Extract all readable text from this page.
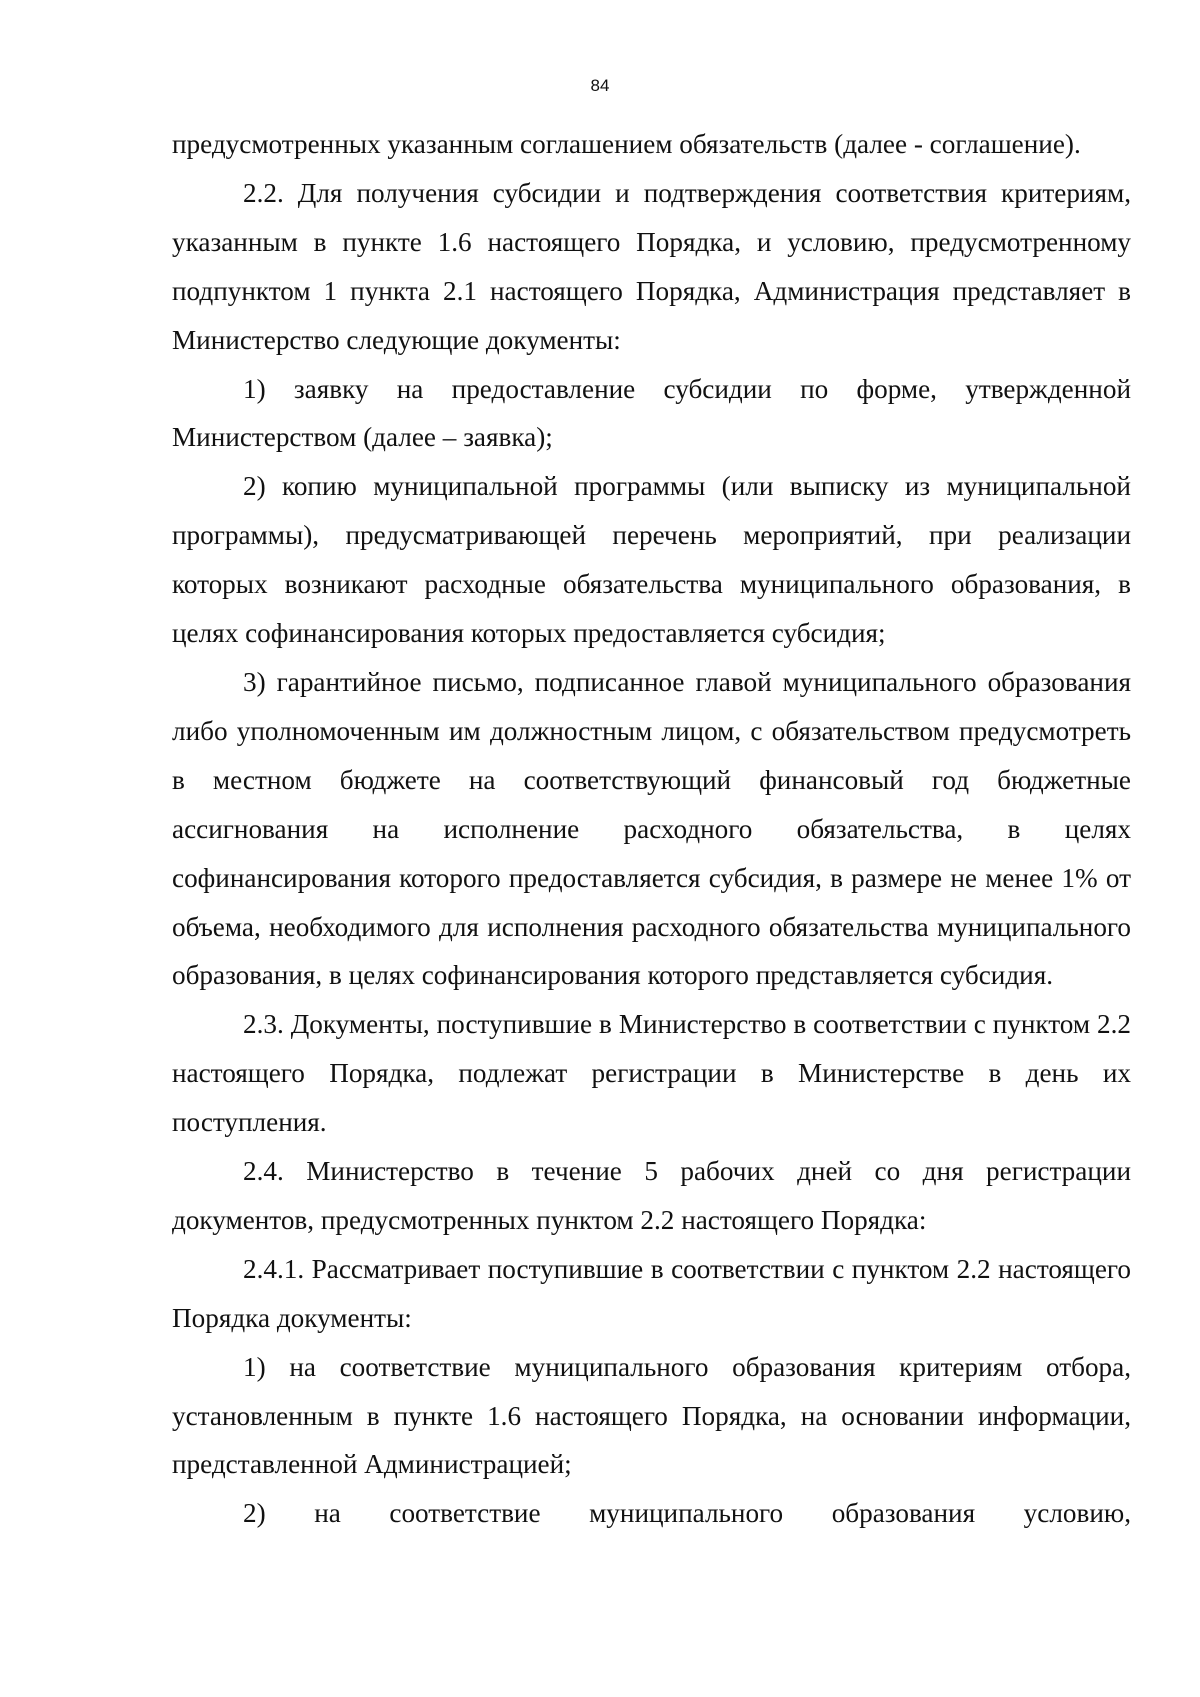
84

предусмотренных указанным соглашением обязательств (далее - соглашение).

2.2. Для получения субсидии и подтверждения соответствия критериям, указанным в пункте 1.6 настоящего Порядка, и условию, предусмотренному подпунктом 1 пункта 2.1 настоящего Порядка, Администрация представляет в Министерство следующие документы:

1) заявку на предоставление субсидии по форме, утвержденной Министерством (далее – заявка);

2) копию муниципальной программы (или выписку из муниципальной программы), предусматривающей перечень мероприятий, при реализации которых возникают расходные обязательства муниципального образования, в целях софинансирования которых предоставляется субсидия;

3) гарантийное письмо, подписанное главой муниципального образования либо уполномоченным им должностным лицом, с обязательством предусмотреть в местном бюджете на соответствующий финансовый год бюджетные ассигнования на исполнение расходного обязательства, в целях софинансирования которого предоставляется субсидия, в размере не менее 1% от объема, необходимого для исполнения расходного обязательства муниципального образования, в целях софинансирования которого представляется субсидия.

2.3. Документы, поступившие в Министерство в соответствии с пунктом 2.2 настоящего Порядка, подлежат регистрации в Министерстве в день их поступления.

2.4. Министерство в течение 5 рабочих дней со дня регистрации документов, предусмотренных пунктом 2.2 настоящего Порядка:

2.4.1. Рассматривает поступившие в соответствии с пунктом 2.2 настоящего Порядка документы:

1) на соответствие муниципального образования критериям отбора, установленным в пункте 1.6 настоящего Порядка, на основании информации, представленной Администрацией;

2) на соответствие муниципального образования условию,
